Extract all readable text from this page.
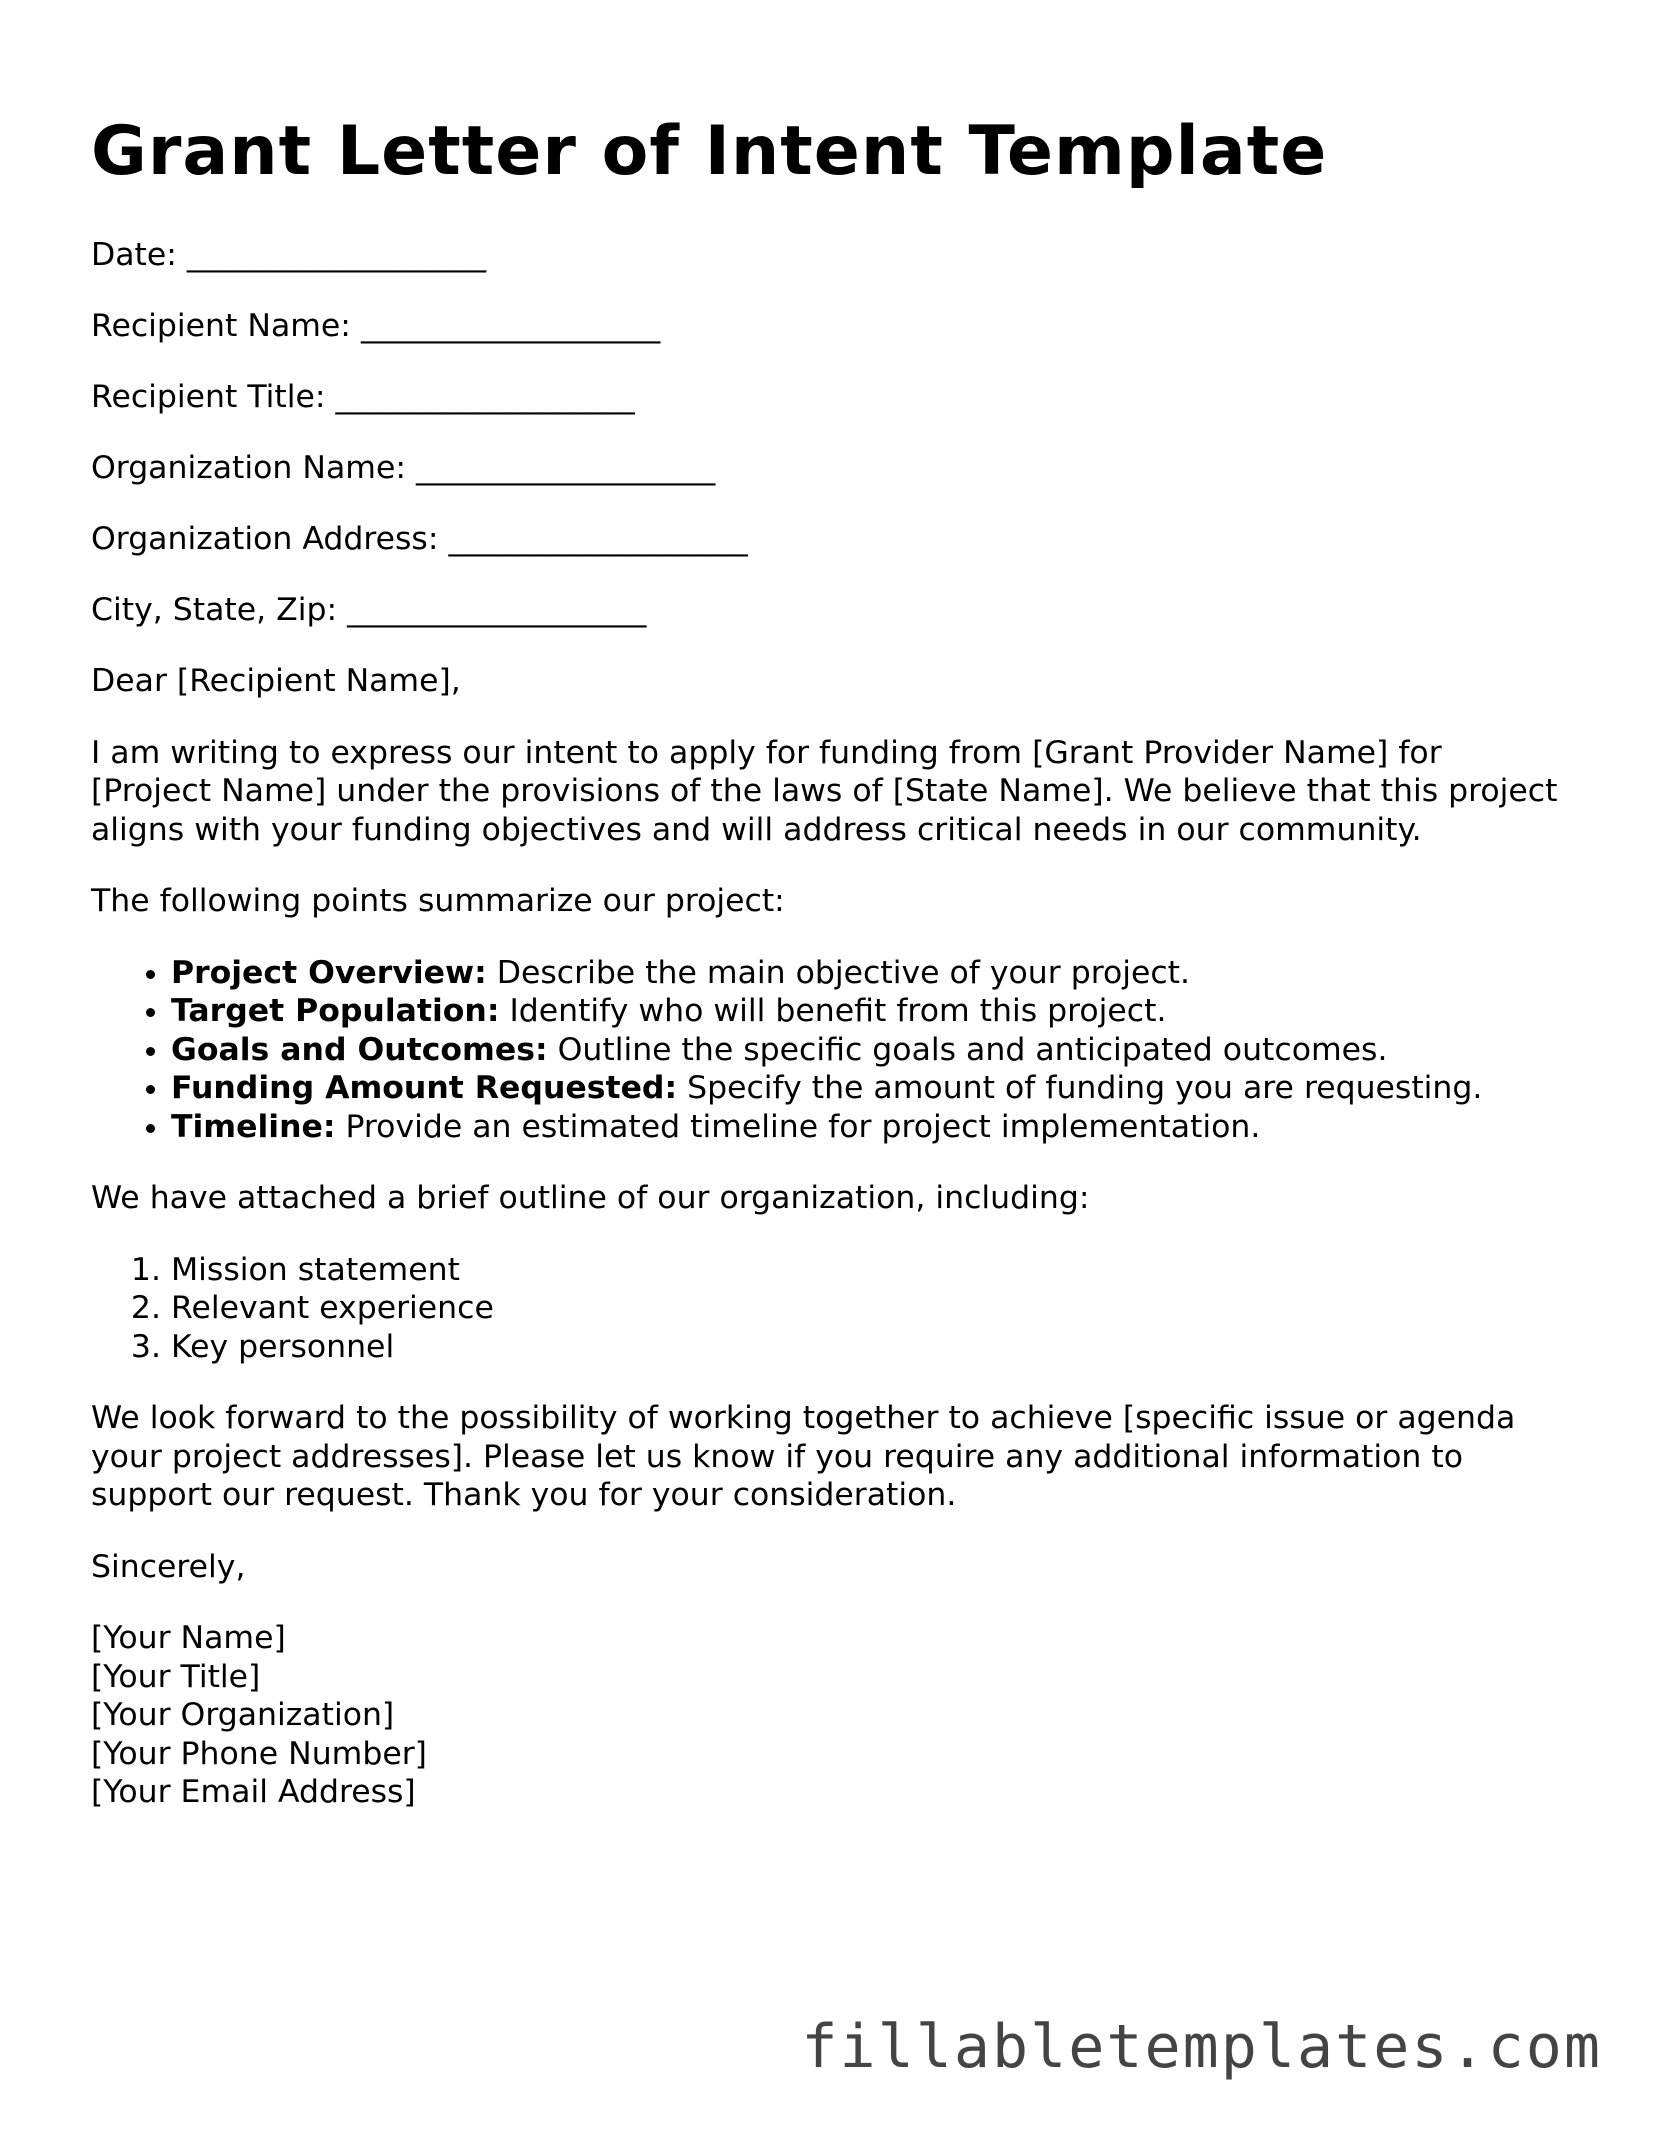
Grant Letter of Intent Template
Date: ___________________
Recipient Name: ___________________
Recipient Title: ___________________
Organization Name: ___________________
Organization Address: ___________________
City, State, Zip: ___________________
Dear [Recipient Name],
I am writing to express our intent to apply for funding from [Grant Provider Name] for [Project Name] under the provisions of the laws of [State Name]. We believe that this project aligns with your funding objectives and will address critical needs in our community.
The following points summarize our project:
• Project Overview: Describe the main objective of your project.
• Target Population: Identify who will benefit from this project.
• Goals and Outcomes: Outline the specific goals and anticipated outcomes.
• Funding Amount Requested: Specify the amount of funding you are requesting.
• Timeline: Provide an estimated timeline for project implementation.
We have attached a brief outline of our organization, including:
1. Mission statement
2. Relevant experience
3. Key personnel
We look forward to the possibility of working together to achieve [specific issue or agenda your project addresses]. Please let us know if you require any additional information to support our request. Thank you for your consideration.
Sincerely,
[Your Name]
[Your Title]
[Your Organization]
[Your Phone Number]
[Your Email Address]
fillabletemplates.com
